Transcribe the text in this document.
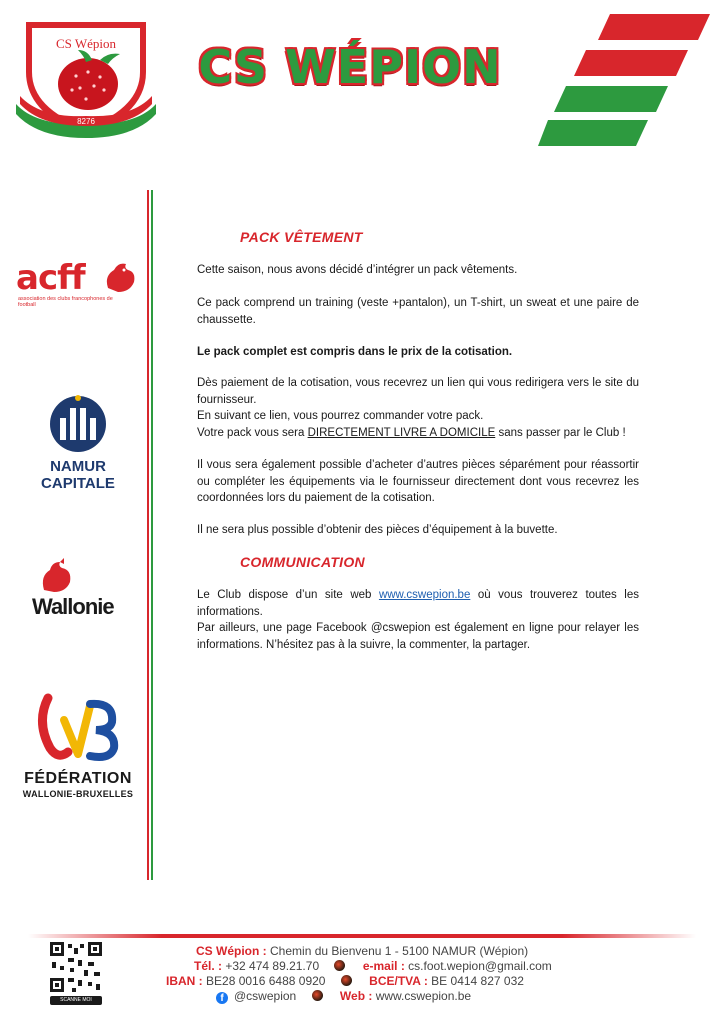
CS Wépion
8276
CS WÉPION
acff
association des clubs francophones de football
NAMUR
CAPITALE
Wallonie
FÉDÉRATION
WALLONIE-BRUXELLES
PACK VÊTEMENT
Cette saison, nous avons décidé d’intégrer un pack vêtements.
Ce pack comprend un training (veste +pantalon), un T-shirt, un sweat et une paire de chaussette.
Le pack complet est compris dans le prix de la cotisation.

Dès paiement de la cotisation, vous recevrez un lien qui vous redirigera vers le site du fournisseur.

En suivant ce lien, vous pourrez commander votre pack.

Votre pack vous sera DIRECTEMENT LIVRE A DOMICILE sans passer par le Club !

Il vous sera également possible d’acheter d’autres pièces séparément pour réassortir ou compléter les équipements via le fournisseur directement dont vous recevrez les coordonnées lors du paiement de la cotisation.
Il ne sera plus possible d’obtenir des pièces d’équipement à la buvette.
COMMUNICATION

Le Club dispose d’un site web www.cswepion.be où vous trouverez toutes les informations.

Par ailleurs, une page Facebook @cswepion est également en ligne pour relayer les informations. N’hésitez pas à la suivre, la commenter, la partager.

SCANNE MOI
CS Wépion : Chemin du Bienvenu 1 - 5100 NAMUR (Wépion)
Tél. : +32 474 89.21.70	e-mail : cs.foot.wepion@gmail.com
IBAN : BE28 0016 6488 0920	BCE/TVA : BE 0414 827 032
f @cswepion	Web : www.cswepion.be
